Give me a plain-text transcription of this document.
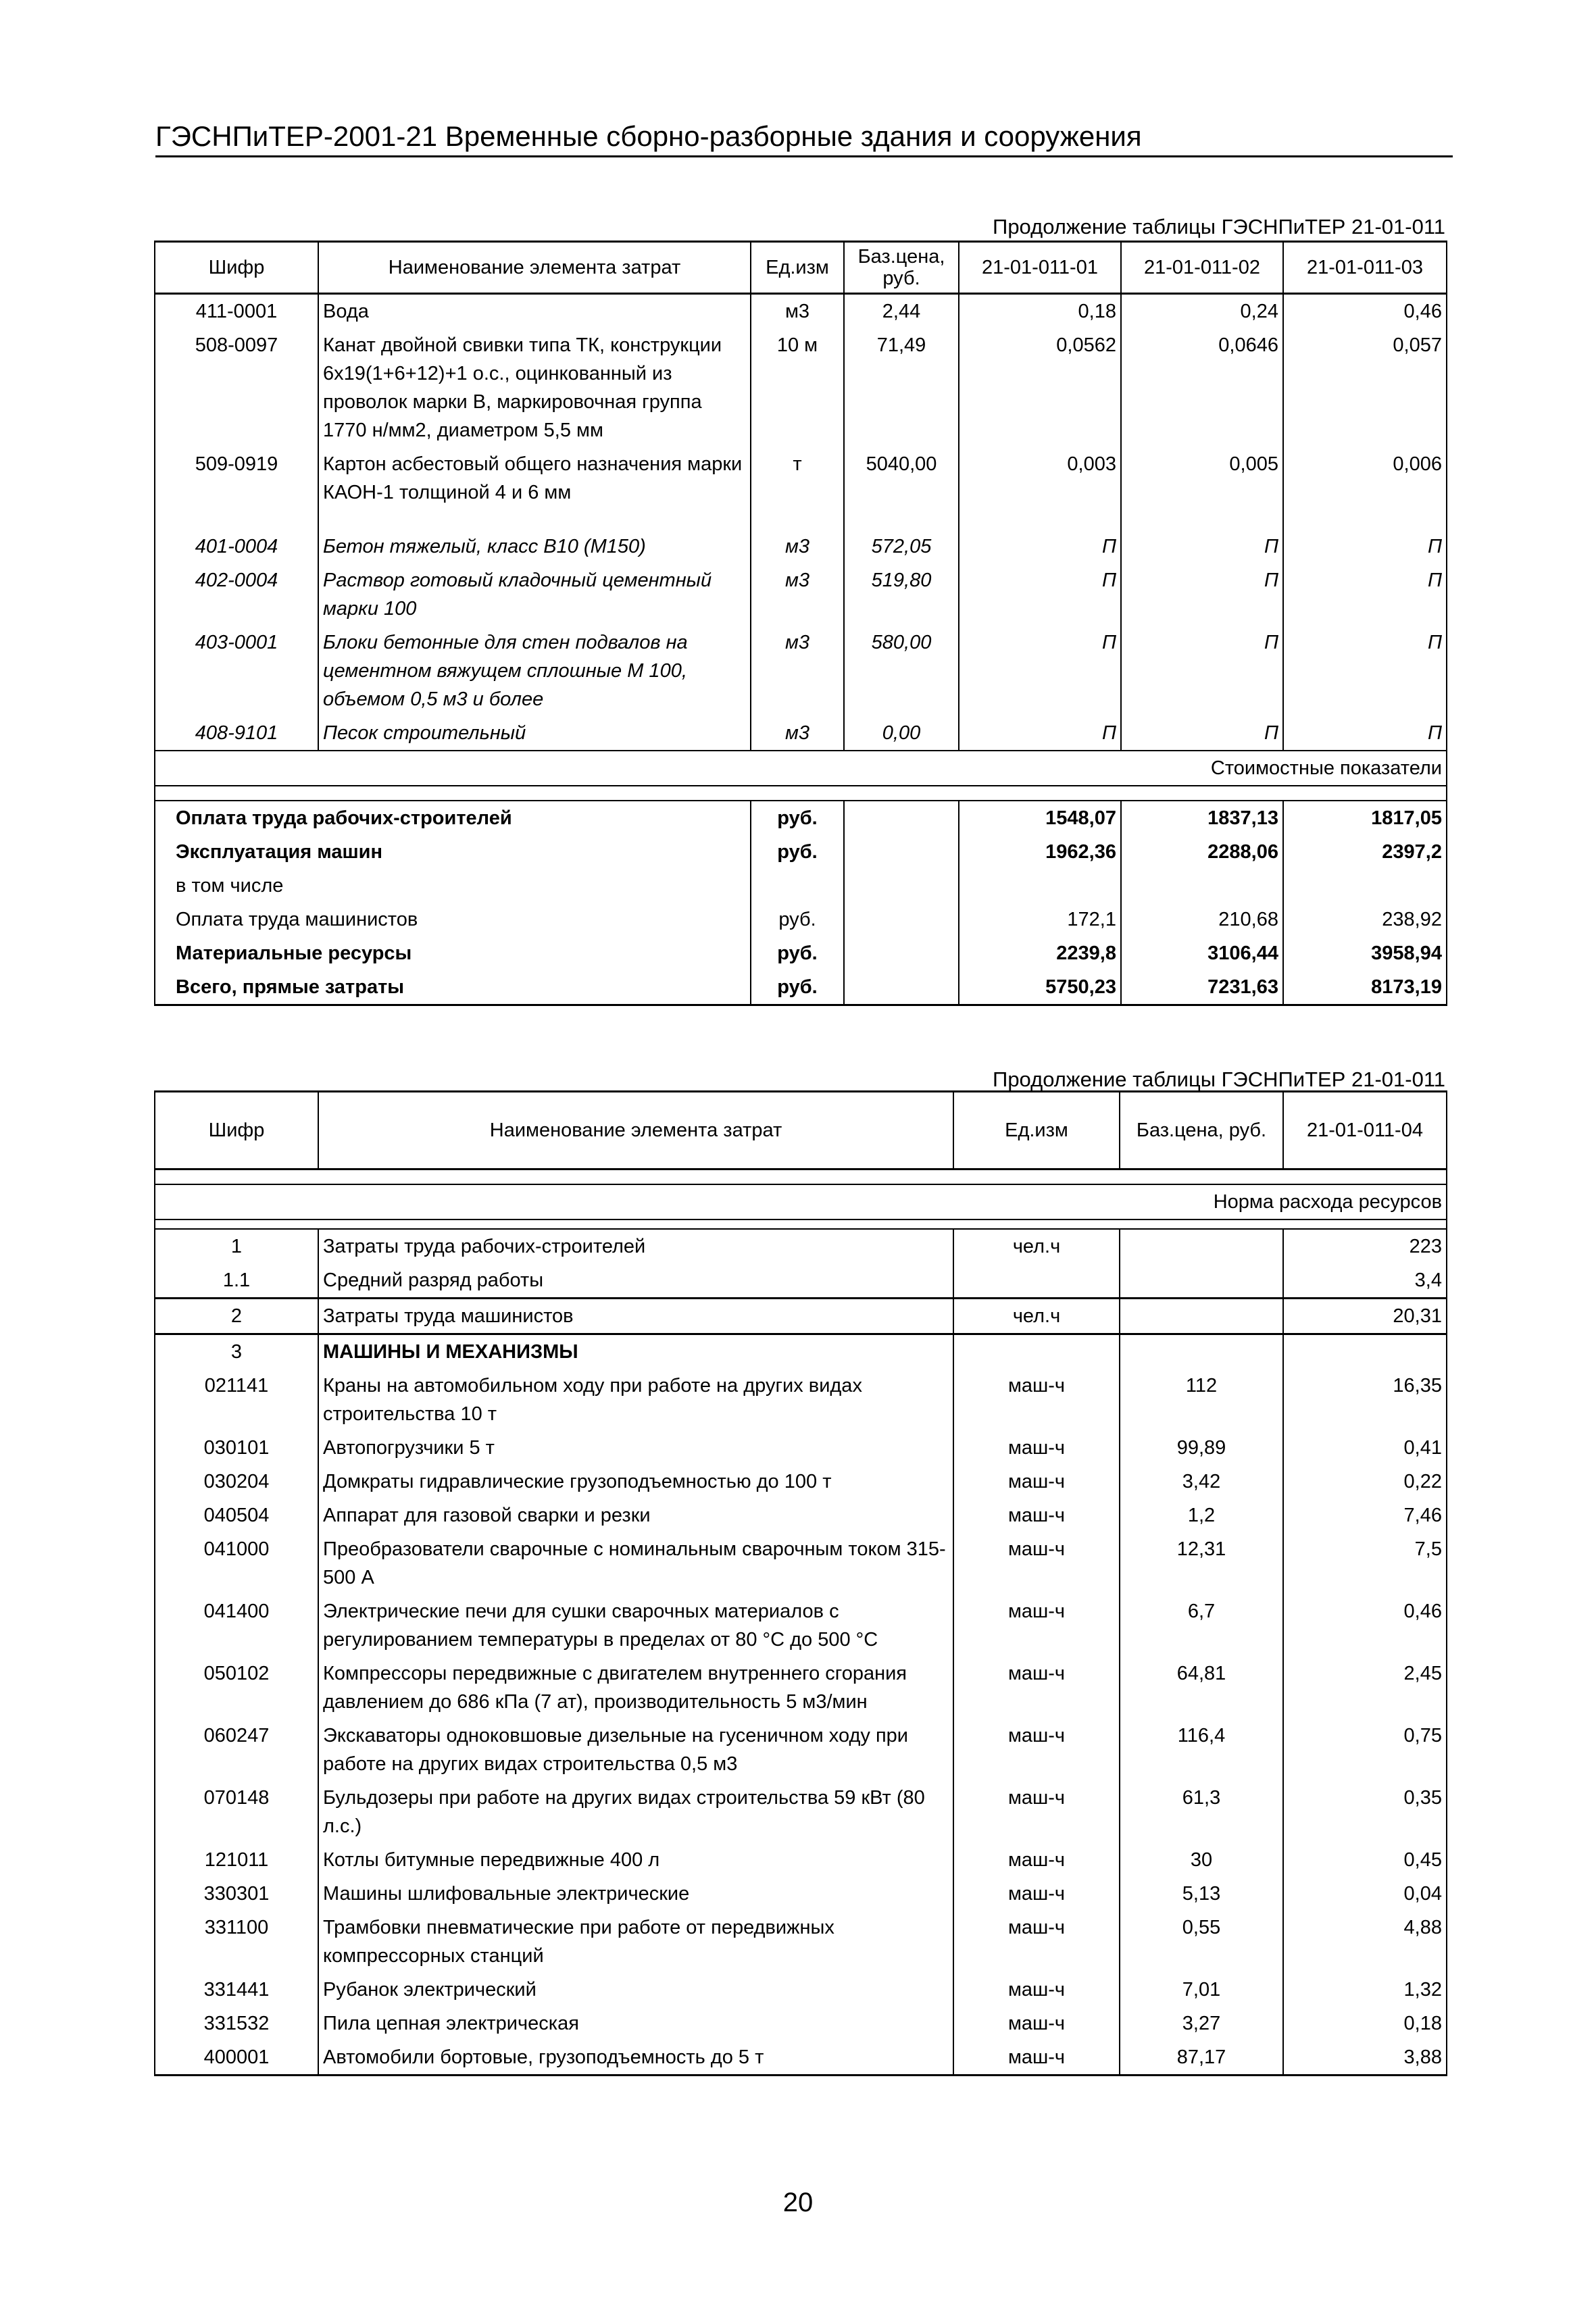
ГЭСНПиТЕР-2001-21 Временные сборно-разборные здания и сооружения
Продолжение таблицы ГЭСНПиТЕР 21-01-011
Шифр	Наименование элемента затрат	Ед.изм	Баз.цена, руб.	21-01-011-01	21-01-011-02	21-01-011-03
411-0001	Вода	м3	2,44	0,18	0,24	0,46
508-0097	Канат двойной свивки типа ТК, конструкции 6x19(1+6+12)+1 о.с., оцинкованный из проволок марки В, маркировочная группа 1770 н/мм2, диаметром 5,5 мм	10 м	71,49	0,0562	0,0646	0,057
509-0919	Картон асбестовый общего назначения марки КАОН-1 толщиной 4 и 6 мм	т	5040,00	0,003	0,005	0,006

401-0004	Бетон тяжелый, класс В10 (М150)	м3	572,05	П	П	П
402-0004	Раствор готовый кладочный цементный марки 100	м3	519,80	П	П	П
403-0001	Блоки бетонные для стен подвалов на цементном вяжущем сплошные М 100, объемом 0,5 м3 и более	м3	580,00	П	П	П
408-9101	Песок строительный	м3	0,00	П	П	П
Стоимостные показатели						

Оплата труда рабочих-строителей		руб.		1548,07	1837,13	1817,05
Эксплуатация машин		руб.		1962,36	2288,06	2397,2
в том числе						
Оплата труда машинистов		руб.		172,1	210,68	238,92
Материальные ресурсы		руб.		2239,8	3106,44	3958,94
Всего, прямые затраты		руб.		5750,23	7231,63	8173,19
Продолжение таблицы ГЭСНПиТЕР 21-01-011
Шифр	Наименование элемента затрат	Ед.изм	Баз.цена, руб.	21-01-011-04

Норма расхода ресурсов				

1	Затраты труда рабочих-строителей	чел.ч		223
1.1	Средний разряд работы			3,4
2	Затраты труда машинистов	чел.ч		20,31
3	МАШИНЫ И МЕХАНИЗМЫ			
021141	Краны на автомобильном ходу при работе на других видах строительства 10 т	маш-ч	112	16,35
030101	Автопогрузчики 5 т	маш-ч	99,89	0,41
030204	Домкраты гидравлические грузоподъемностью до 100 т	маш-ч	3,42	0,22
040504	Аппарат для газовой сварки и резки	маш-ч	1,2	7,46
041000	Преобразователи сварочные с номинальным сварочным током 315-500 А	маш-ч	12,31	7,5
041400	Электрические печи для сушки сварочных материалов с регулированием температуры в пределах от 80 °С до 500 °С	маш-ч	6,7	0,46
050102	Компрессоры передвижные с двигателем внутреннего сгорания давлением до 686 кПа (7 ат), производительность 5 м3/мин	маш-ч	64,81	2,45
060247	Экскаваторы одноковшовые дизельные на гусеничном ходу при работе на других видах строительства 0,5 м3	маш-ч	116,4	0,75
070148	Бульдозеры при работе на других видах строительства 59 кВт (80 л.с.)	маш-ч	61,3	0,35
121011	Котлы битумные передвижные 400 л	маш-ч	30	0,45
330301	Машины шлифовальные электрические	маш-ч	5,13	0,04
331100	Трамбовки пневматические при работе от передвижных компрессорных станций	маш-ч	0,55	4,88
331441	Рубанок электрический	маш-ч	7,01	1,32
331532	Пила цепная электрическая	маш-ч	3,27	0,18
400001	Автомобили бортовые, грузоподъемность до 5 т	маш-ч	87,17	3,88
20
